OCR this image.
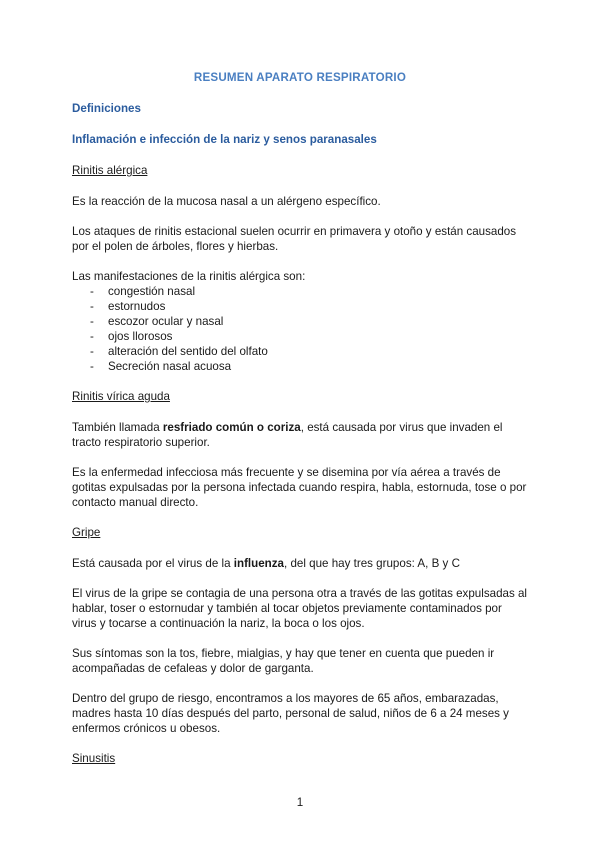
RESUMEN APARATO RESPIRATORIO
Definiciones
Inflamación e infección de la nariz y senos paranasales
Rinitis alérgica
Es la reacción de la mucosa nasal a un alérgeno específico.
Los ataques de rinitis estacional suelen ocurrir en primavera y otoño y están causados por el polen de árboles, flores y hierbas.
Las manifestaciones de la rinitis alérgica son:
- congestión nasal
- estornudos
- escozor ocular y nasal
- ojos llorosos
- alteración del sentido del olfato
- Secreción nasal acuosa
Rinitis vírica aguda
También llamada resfriado común o coriza, está causada por virus que invaden el tracto respiratorio superior.
Es la enfermedad infecciosa más frecuente y se disemina por vía aérea a través de gotitas expulsadas por la persona infectada cuando respira, habla, estornuda, tose o por contacto manual directo.
Gripe
Está causada por el virus de la influenza, del que hay tres grupos: A, B y C
El virus de la gripe se contagia de una persona otra a través de las gotitas expulsadas al hablar, toser o estornudar y también al tocar objetos previamente contaminados por virus y tocarse a continuación la nariz, la boca o los ojos.
Sus síntomas son la tos, fiebre, mialgias, y hay que tener en cuenta que pueden ir acompañadas de cefaleas y dolor de garganta.
Dentro del grupo de riesgo, encontramos a los mayores de 65 años, embarazadas, madres hasta 10 días después del parto, personal de salud, niños de 6 a 24 meses y enfermos crónicos u obesos.
Sinusitis
1
